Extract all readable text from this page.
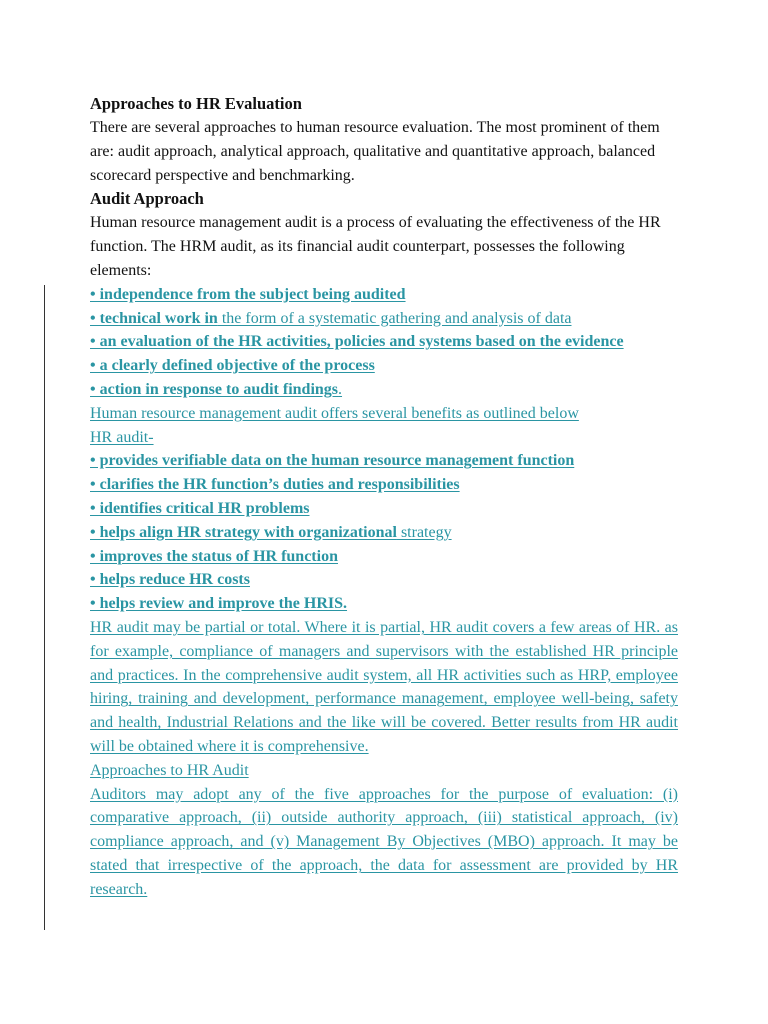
Approaches to HR Evaluation

There are several approaches to human resource evaluation. The most prominent of them are: audit approach, analytical approach, qualitative and quantitative approach, balanced scorecard perspective and benchmarking.

Audit Approach

Human resource management audit is a process of evaluating the effectiveness of the HR function. The HRM audit, as its financial audit counterpart, possesses the following elements:

• independence from the subject being audited
• technical work in the form of a systematic gathering and analysis of data
• an evaluation of the HR activities, policies and systems based on the evidence
• a clearly defined objective of the process
• action in response to audit findings.

Human resource management audit offers several benefits as outlined below

HR audit-

• provides verifiable data on the human resource management function
• clarifies the HR function’s duties and responsibilities
• identifies critical HR problems
• helps align HR strategy with organizational strategy
• improves the status of HR function
• helps reduce HR costs
• helps review and improve the HRIS.

HR audit may be partial or total. Where it is partial, HR audit covers a few areas of HR. as for example, compliance of managers and supervisors with the established HR principle and practices. In the comprehensive audit system, all HR activities such as HRP, employee hiring, training and development, performance management, employee well-being, safety and health, Industrial Relations and the like will be covered. Better results from HR audit will be obtained where it is comprehensive.

Approaches to HR Audit

Auditors may adopt any of the five approaches for the purpose of evaluation: (i) comparative approach, (ii) outside authority approach, (iii) statistical approach, (iv) compliance approach, and (v) Management By Objectives (MBO) approach. It may be stated that irrespective of the approach, the data for assessment are provided by HR research.
